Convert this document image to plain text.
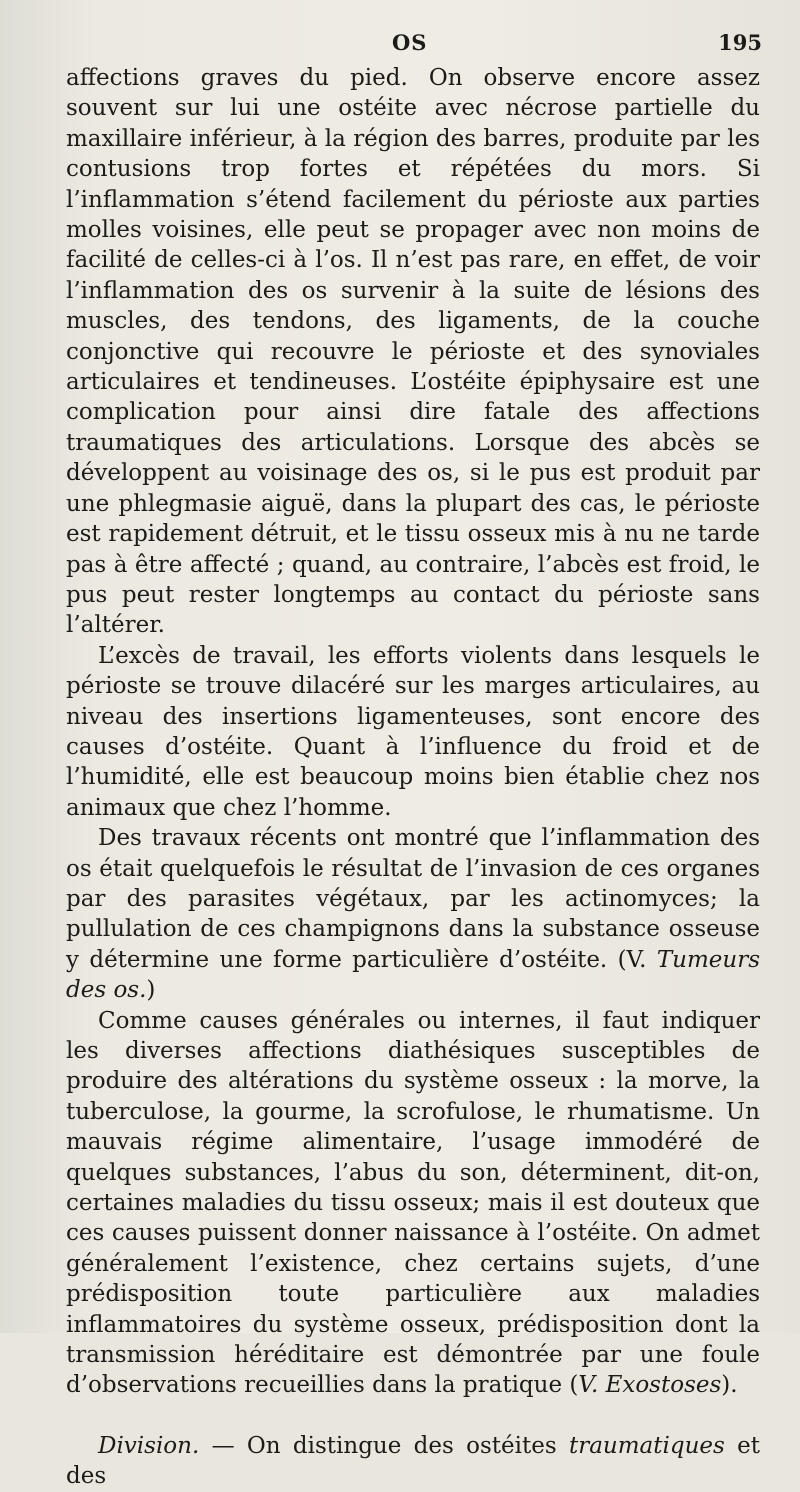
OS	195

affections graves du pied. On observe encore assez souvent sur lui une ostéite avec nécrose partielle du maxillaire inférieur, à la région des barres, produite par les contusions trop fortes et répétées du mors. Si l’inflammation s’étend facilement du périoste aux parties molles voisines, elle peut se propager avec non moins de facilité de celles-ci à l’os. Il n’est pas rare, en effet, de voir l’inflammation des os survenir à la suite de lésions des muscles, des tendons, des ligaments, de la couche conjonctive qui recouvre le périoste et des synoviales articulaires et tendineuses. L’ostéite épiphysaire est une complication pour ainsi dire fatale des affections traumatiques des articulations. Lorsque des abcès se développent au voisinage des os, si le pus est produit par une phlegmasie aiguë, dans la plupart des cas, le périoste est rapidement détruit, et le tissu osseux mis à nu ne tarde pas à être affecté ; quand, au contraire, l’abcès est froid, le pus peut rester longtemps au contact du périoste sans l’altérer.

L’excès de travail, les efforts violents dans lesquels le périoste se trouve dilacéré sur les marges articulaires, au niveau des insertions ligamenteuses, sont encore des causes d’ostéite. Quant à l’influence du froid et de l’humidité, elle est beaucoup moins bien établie chez nos animaux que chez l’homme.

Des travaux récents ont montré que l’inflammation des os était quelquefois le résultat de l’invasion de ces organes par des parasites végétaux, par les actinomyces; la pullulation de ces champignons dans la substance osseuse y détermine une forme particulière d’ostéite. (V. Tumeurs des os.)

Comme causes générales ou internes, il faut indiquer les diverses affections diathésiques susceptibles de produire des altérations du système osseux : la morve, la tuberculose, la gourme, la scrofulose, le rhumatisme. Un mauvais régime alimentaire, l’usage immodéré de quelques substances, l’abus du son, déterminent, dit-on, certaines maladies du tissu osseux; mais il est douteux que ces causes puissent donner naissance à l’ostéite. On admet généralement l’existence, chez certains sujets, d’une prédisposition toute particulière aux maladies inflammatoires du système osseux, prédisposition dont la transmission héréditaire est démontrée par une foule d’observations recueillies dans la pratique (V. Exostoses).

Division. — On distingue des ostéites traumatiques et des
